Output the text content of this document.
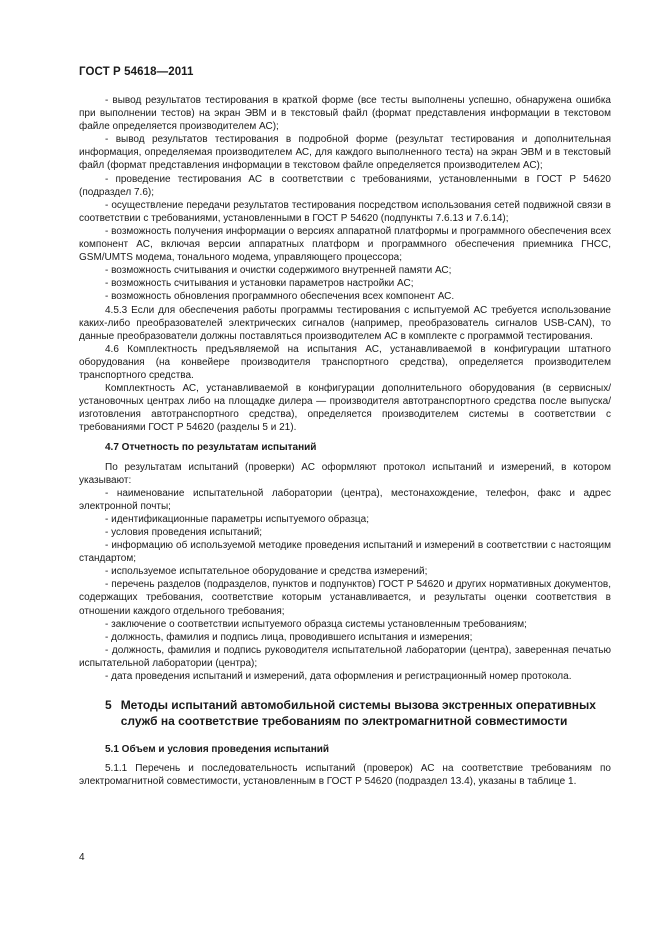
ГОСТ Р 54618—2011

- вывод результатов тестирования в краткой форме (все тесты выполнены успешно, обнаружена ошибка при выполнении тестов) на экран ЭВМ и в текстовый файл (формат представления информации в текстовом файле определяется производителем АС);

- вывод результатов тестирования в подробной форме (результат тестирования и дополнительная информация, определяемая производителем АС, для каждого выполненного теста) на экран ЭВМ и в текстовый файл (формат представления информации в текстовом файле определяется производителем АС);

- проведение тестирования АС в соответствии с требованиями, установленными в ГОСТ Р 54620 (подраздел 7.6);

- осуществление передачи результатов тестирования посредством использования сетей подвижной связи в соответствии с требованиями, установленными в ГОСТ Р 54620 (подпункты 7.6.13 и 7.6.14);

- возможность получения информации о версиях аппаратной платформы и программного обеспечения всех компонент АС, включая версии аппаратных платформ и программного обеспечения приемника ГНСС, GSM/UMTS модема, тонального модема, управляющего процессора;

- возможность считывания и очистки содержимого внутренней памяти АС;

- возможность считывания и установки параметров настройки АС;

- возможность обновления программного обеспечения всех компонент АС.

4.5.3 Если для обеспечения работы программы тестирования с испытуемой АС требуется использование каких-либо преобразователей электрических сигналов (например, преобразователь сигналов USB-CAN), то данные преобразователи должны поставляться производителем АС в комплекте с программой тестирования.

4.6 Комплектность предъявляемой на испытания АС, устанавливаемой в конфигурации штатного оборудования (на конвейере производителя транспортного средства), определяется производителем транспортного средства.

Комплектность АС, устанавливаемой в конфигурации дополнительного оборудования (в сервисных/установочных центрах либо на площадке дилера — производителя автотранспортного средства после выпуска/изготовления автотранспортного средства), определяется производителем системы в соответствии с требованиями ГОСТ Р 54620 (разделы 5 и 21).

4.7 Отчетность по результатам испытаний

По результатам испытаний (проверки) АС оформляют протокол испытаний и измерений, в котором указывают:

- наименование испытательной лаборатории (центра), местонахождение, телефон, факс и адрес электронной почты;

- идентификационные параметры испытуемого образца;

- условия проведения испытаний;

- информацию об используемой методике проведения испытаний и измерений в соответствии с настоящим стандартом;

- используемое испытательное оборудование и средства измерений;

- перечень разделов (подразделов, пунктов и подпунктов) ГОСТ Р 54620 и других нормативных документов, содержащих требования, соответствие которым устанавливается, и результаты оценки соответствия в отношении каждого отдельного требования;

- заключение о соответствии испытуемого образца системы установленным требованиям;

- должность, фамилия и подпись лица, проводившего испытания и измерения;

- должность, фамилия и подпись руководителя испытательной лаборатории (центра), заверенная печатью испытательной лаборатории (центра);

- дата проведения испытаний и измерений, дата оформления и регистрационный номер протокола.

5 Методы испытаний автомобильной системы вызова экстренных оперативных служб на соответствие требованиям по электромагнитной совместимости

5.1 Объем и условия проведения испытаний

5.1.1 Перечень и последовательность испытаний (проверок) АС на соответствие требованиям по электромагнитной совместимости, установленным в ГОСТ Р 54620 (подраздел 13.4), указаны в таблице 1.

4
